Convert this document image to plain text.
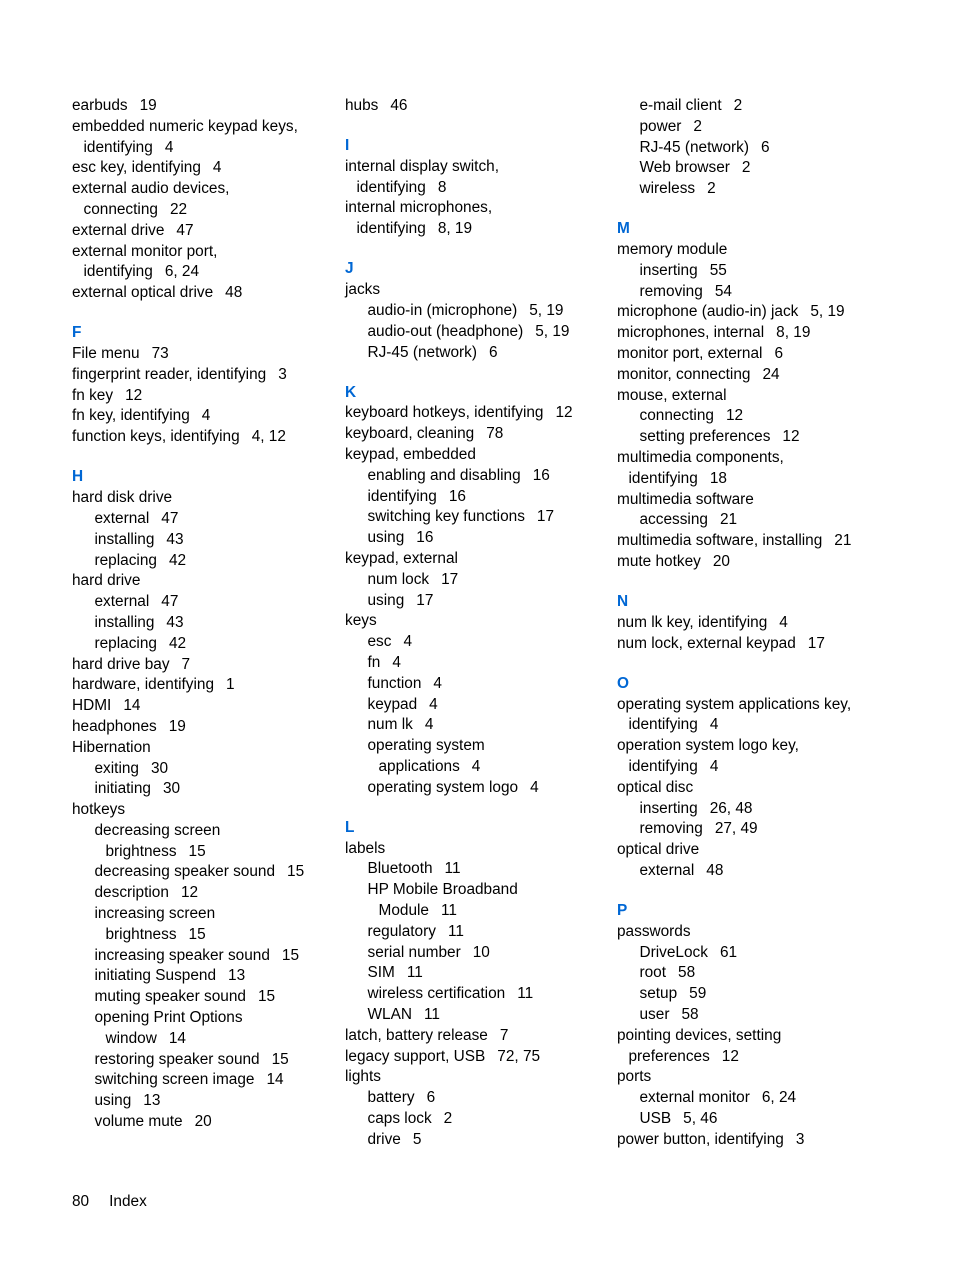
earbuds 19
embedded numeric keypad keys,
identifying 4
esc key, identifying 4
external audio devices,
connecting 22
external drive 47
external monitor port,
identifying 6, 24
external optical drive 48
F
File menu 73
fingerprint reader, identifying 3
fn key 12
fn key, identifying 4
function keys, identifying 4, 12
H
hard disk drive
external 47
installing 43
replacing 42
hard drive
external 47
installing 43
replacing 42
hard drive bay 7
hardware, identifying 1
HDMI 14
headphones 19
Hibernation
exiting 30
initiating 30
hotkeys
decreasing screen
brightness 15
decreasing speaker sound 15
description 12
increasing screen
brightness 15
increasing speaker sound 15
initiating Suspend 13
muting speaker sound 15
opening Print Options
window 14
restoring speaker sound 15
switching screen image 14
using 13
volume mute 20
hubs 46
I
internal display switch,
identifying 8
internal microphones,
identifying 8, 19
J
jacks
audio-in (microphone) 5, 19
audio-out (headphone) 5, 19
RJ-45 (network) 6
K
keyboard hotkeys, identifying 12
keyboard, cleaning 78
keypad, embedded
enabling and disabling 16
identifying 16
switching key functions 17
using 16
keypad, external
num lock 17
using 17
keys
esc 4
fn 4
function 4
keypad 4
num lk 4
operating system
applications 4
operating system logo 4
L
labels
Bluetooth 11
HP Mobile Broadband
Module 11
regulatory 11
serial number 10
SIM 11
wireless certification 11
WLAN 11
latch, battery release 7
legacy support, USB 72, 75
lights
battery 6
caps lock 2
drive 5
e-mail client 2
power 2
RJ-45 (network) 6
Web browser 2
wireless 2
M
memory module
inserting 55
removing 54
microphone (audio-in) jack 5, 19
microphones, internal 8, 19
monitor port, external 6
monitor, connecting 24
mouse, external
connecting 12
setting preferences 12
multimedia components,
identifying 18
multimedia software
accessing 21
multimedia software, installing 21
mute hotkey 20
N
num lk key, identifying 4
num lock, external keypad 17
O
operating system applications key,
identifying 4
operation system logo key,
identifying 4
optical disc
inserting 26, 48
removing 27, 49
optical drive
external 48
P
passwords
DriveLock 61
root 58
setup 59
user 58
pointing devices, setting
preferences 12
ports
external monitor 6, 24
USB 5, 46
power button, identifying 3
80 Index
